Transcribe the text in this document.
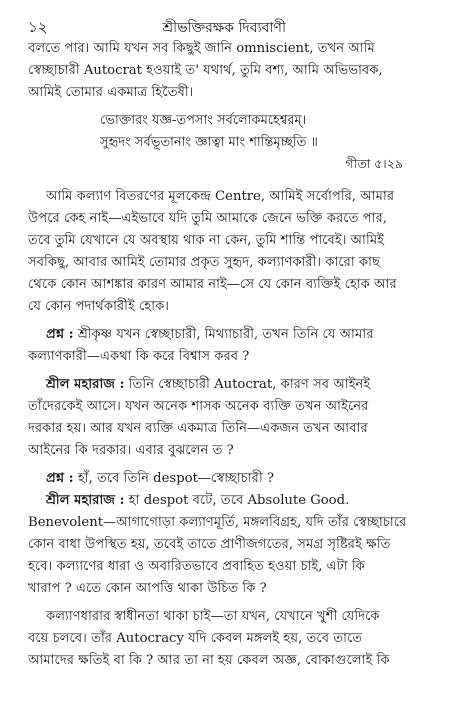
১২	শ্রীভক্তিরক্ষক দিব্যবাণী

বলতে পার। আমি যখন সব কিছুই জানি omniscient, তখন আমি
স্বেচ্ছাচারী Autocrat হওয়াই ত' যথার্থ, তুমি বশ্য, আমি অভিভাবক,
আমিই তোমার একমাত্র হিতৈষী।

ভোক্তারং যজ্ঞ-তপসাং সর্বলোকমহেশ্বরম্।
সুহৃদং সর্বভূতানাং জ্ঞাত্বা মাং শান্তিমৃচ্ছতি ॥
গীতা ৫।২৯

আমি কল্যাণ বিতরণের মূলকেন্দ্র Centre, আমিই সর্বোপরি, আমার
উপরে কেহ নাই—এইভাবে যদি তুমি আমাকে জেনে ভক্তি করতে পার,
তবে তুমি যেখানে যে অবস্থায় থাক না কেন, তুমি শান্তি পাবেই। আমিই
সবকিছু, আবার আমিই তোমার প্রকৃত সুহৃদ, কল্যাণকারী। কারো কাছ
থেকে কোন আশঙ্কার কারণ আমার নাই—সে যে কোন ব্যক্তিই হোক আর
যে কোন পদার্থকারীই হোক।

প্রশ্ন : শ্রীকৃষ্ণ যখন স্বেচ্ছাচারী, মিথ্যাচারী, তখন তিনি যে আমার
কল্যাণকারী—একথা কি করে বিশ্বাস করব ?

শ্রীল মহারাজ : তিনি স্বেচ্ছাচারী Autocrat, কারণ সব আইনই
তাঁদেরকেই আসে। যখন অনেক শাসক অনেক ব্যক্তি তখন আইনের
দরকার হয়। আর যখন ব্যক্তি একমাত্র তিনি—একজন তখন আবার
আইনের কি দরকার। এবার বুঝলেন ত ?

প্রশ্ন : হাঁ, তবে তিনি despot—স্বেচ্ছাচারী ?

শ্রীল মহারাজ : হা despot বটে, তবে Absolute Good.
Benevolent—আগাগোড়া কল্যাণমূর্তি, মঙ্গলবিগ্রহ, যদি তাঁর স্বেচ্ছাচারে
কোন বাধা উপস্থিত হয়, তবেই তাতে প্রাণীজগতের, সমগ্র সৃষ্টিরই ক্ষতি
হবে। কল্যাণের ধারা ও অবারিতভাবে প্রবাহিত হওয়া চাই, এটা কি
খারাপ ? এতে কোন আপত্তি থাকা উচিত কি ?

কল্যাণধারার স্বাধীনতা থাকা চাই—তা যখন, যেখানে খুশী যেদিকে
বয়ে চলবে। তাঁর Autocracy যদি কেবল মঙ্গলই হয়, তবে তাতে
আমাদের ক্ষতিই বা কি ? আর তা না হয় কেবল অজ্ঞ, বোকাগুলোই কি
